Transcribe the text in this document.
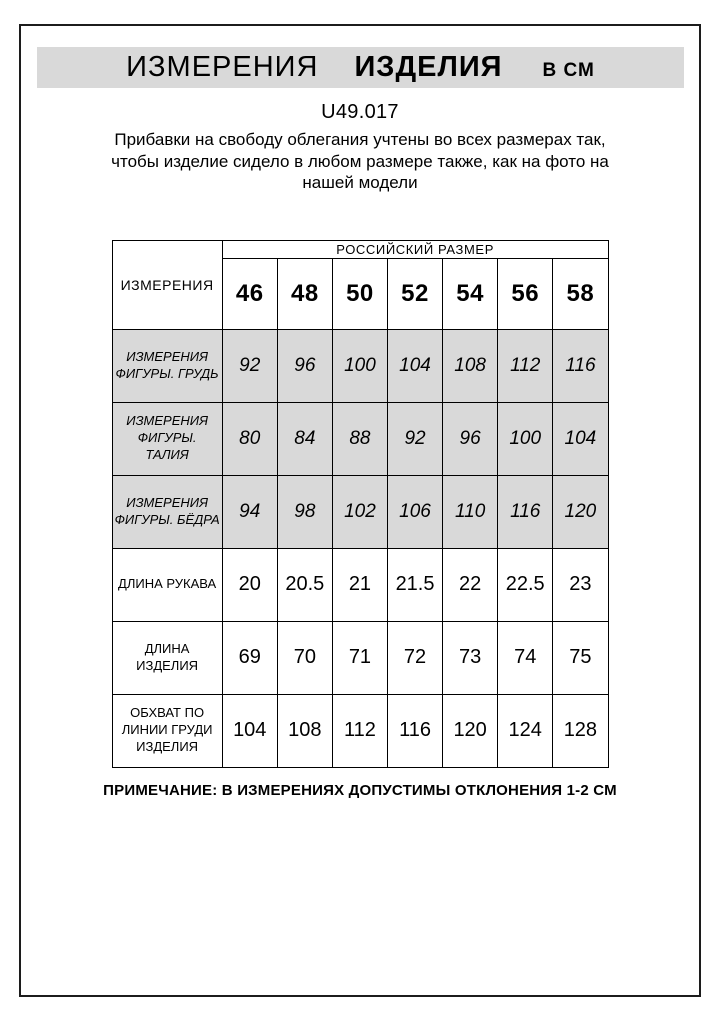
ИЗМЕРЕНИЯ ИЗДЕЛИЯ В СМ
U49.017
Прибавки на свободу облегания учтены во всех размерах так,
чтобы изделие сидело в любом размере также, как на фото на
нашей модели
ИЗМЕРЕНИЯ	РОССИЙСКИЙ РАЗМЕР						
	46	48	50	52	54	56	58
ИЗМЕРЕНИЯ ФИГУРЫ. ГРУДЬ	92	96	100	104	108	112	116
ИЗМЕРЕНИЯ ФИГУРЫ. ТАЛИЯ	80	84	88	92	96	100	104
ИЗМЕРЕНИЯ ФИГУРЫ. БЁДРА	94	98	102	106	110	116	120
ДЛИНА РУКАВА	20	20.5	21	21.5	22	22.5	23
ДЛИНА ИЗДЕЛИЯ	69	70	71	72	73	74	75
ОБХВАТ ПО ЛИНИИ ГРУДИ ИЗДЕЛИЯ	104	108	112	116	120	124	128
ПРИМЕЧАНИЕ: В ИЗМЕРЕНИЯХ ДОПУСТИМЫ ОТКЛОНЕНИЯ 1-2 СМ
